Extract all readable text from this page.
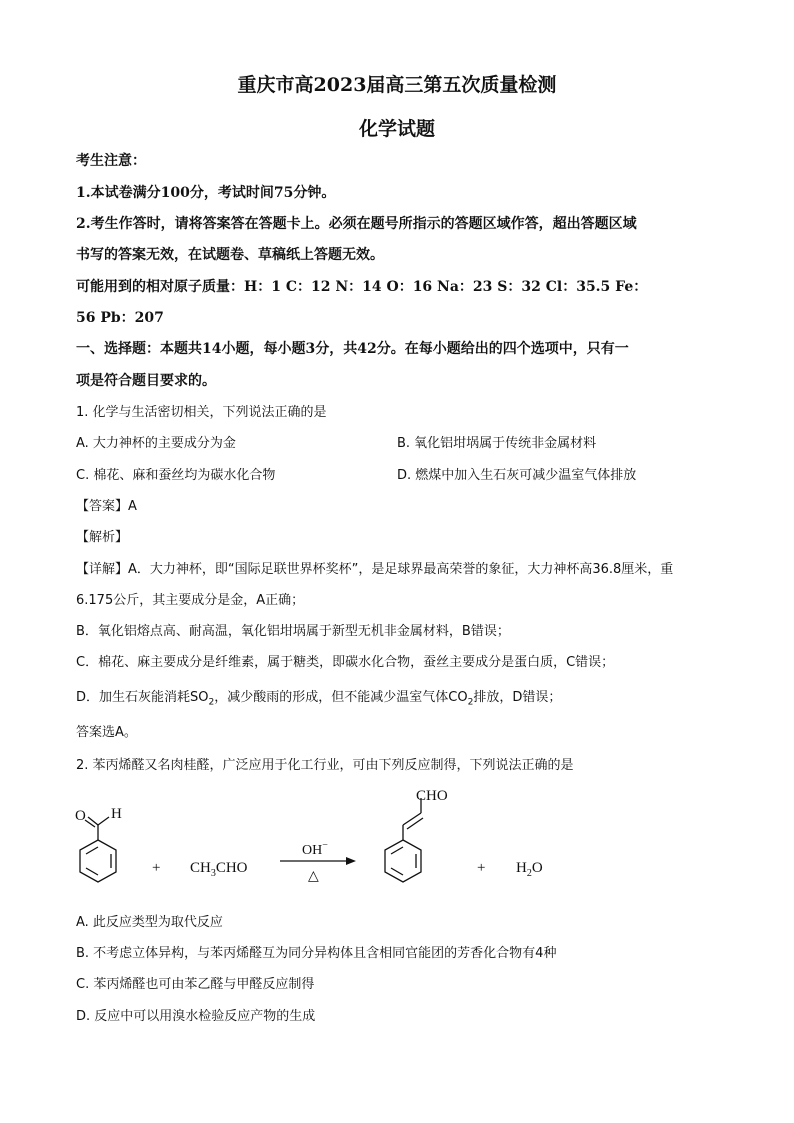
重庆市高2023届高三第五次质量检测
化学试题
考生注意：
1.本试卷满分100分，考试时间75分钟。
2.考生作答时，请将答案答在答题卡上。必须在题号所指示的答题区域作答，超出答题区域
书写的答案无效，在试题卷、草稿纸上答题无效。
可能用到的相对原子质量：H：1 C：12 N：14 O：16 Na：23 S：32 Cl：35.5 Fe：
56 Pb：207
一、选择题：本题共14小题，每小题3分，共42分。在每小题给出的四个选项中，只有一
项是符合题目要求的。
1. 化学与生活密切相关，下列说法正确的是
A. 大力神杯的主要成分为金	B. 氧化铝坩埚属于传统非金属材料
C. 棉花、麻和蚕丝均为碳水化合物	D. 燃煤中加入生石灰可减少温室气体排放
【答案】A
【解析】
【详解】A．大力神杯，即“国际足联世界杯奖杯”，是足球界最高荣誉的象征，大力神杯高36.8厘米，重
6.175公斤，其主要成分是金，A正确；
B．氧化铝熔点高、耐高温，氧化铝坩埚属于新型无机非金属材料，B错误；
C．棉花、麻主要成分是纤维素，属于糖类，即碳水化合物，蚕丝主要成分是蛋白质，C错误；
D．加生石灰能消耗$SO_2$，减少酸雨的形成，但不能减少温室气体$CO_2$排放，D错误；
答案选A。
2. 苯丙烯醛又名肉桂醛，广泛应用于化工行业，可由下列反应制得，下列说法正确的是
O H
+ $CH_3CHO$
OH−
△
CHO
+ $H_2O$
A. 此反应类型为取代反应
B. 不考虑立体异构，与苯丙烯醛互为同分异构体且含相同官能团的芳香化合物有4种
C. 苯丙烯醛也可由苯乙醛与甲醛反应制得
D. 反应中可以用溴水检验反应产物的生成
